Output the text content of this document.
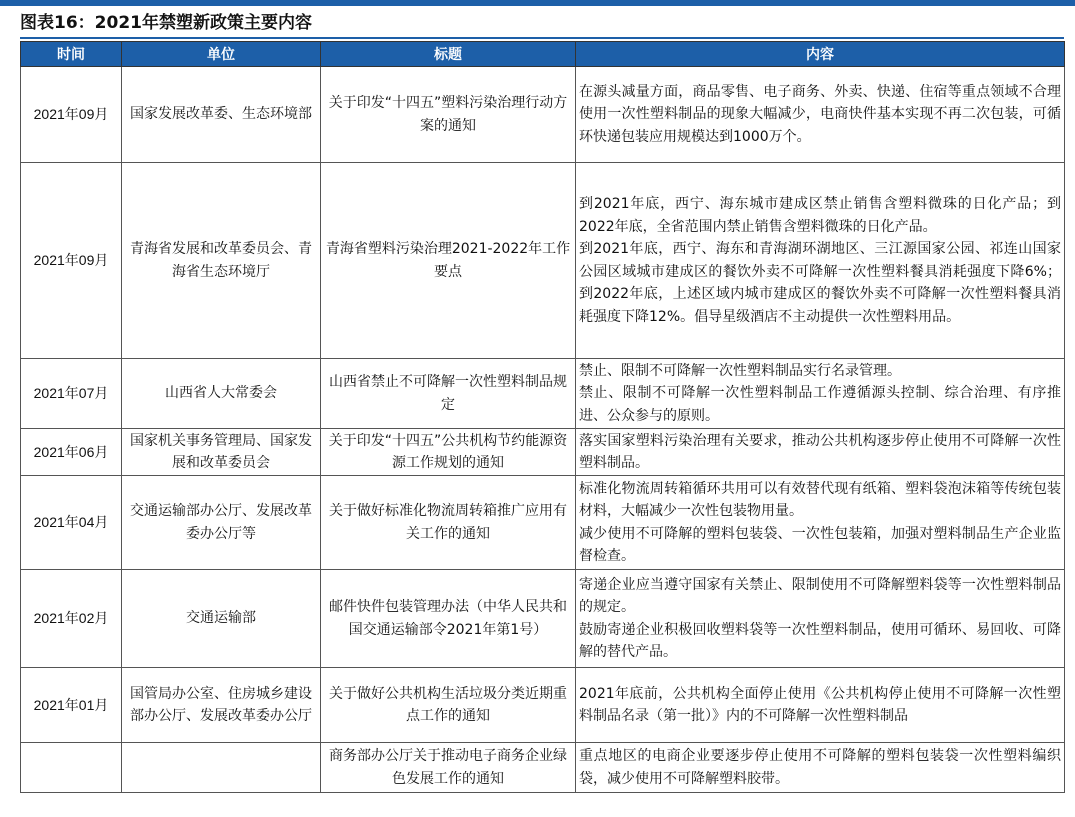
图表16：2021年禁塑新政策主要内容
时间	单位	标题	内容
2021年09月	国家发展改革委、生态环境部	关于印发“十四五”塑料污染治理行动方案的通知	在源头减量方面，商品零售、电子商务、外卖、快递、住宿等重点领域不合理使用一次性塑料制品的现象大幅减少，电商快件基本实现不再二次包装，可循环快递包装应用规模达到1000万个。

2021年09月	青海省发展和改革委员会、青海省生态环境厅	青海省塑料污染治理2021-2022年工作要点	到2021年底，西宁、海东城市建成区禁止销售含塑料微珠的日化产品；到2022年底，全省范围内禁止销售含塑料微珠的日化产品。
到2021年底，西宁、海东和青海湖环湖地区、三江源国家公园、祁连山国家公园区域城市建成区的餐饮外卖不可降解一次性塑料餐具消耗强度下降6%；到2022年底，上述区域内城市建成区的餐饮外卖不可降解一次性塑料餐具消耗强度下降12%。倡导星级酒店不主动提供一次性塑料用品。

2021年07月	山西省人大常委会	山西省禁止不可降解一次性塑料制品规定	禁止、限制不可降解一次性塑料制品实行名录管理。
禁止、限制不可降解一次性塑料制品工作遵循源头控制、综合治理、有序推进、公众参与的原则。

2021年06月	国家机关事务管理局、国家发展和改革委员会	关于印发“十四五”公共机构节约能源资源工作规划的通知	落实国家塑料污染治理有关要求，推动公共机构逐步停止使用不可降解一次性塑料制品。

2021年04月	交通运输部办公厅、发展改革委办公厅等	关于做好标准化物流周转箱推广应用有关工作的通知	标准化物流周转箱循环共用可以有效替代现有纸箱、塑料袋泡沫箱等传统包装材料，大幅减少一次性包装物用量。
减少使用不可降解的塑料包装袋、一次性包装箱，加强对塑料制品生产企业监督检查。

2021年02月	交通运输部	邮件快件包装管理办法（中华人民共和国交通运输部令2021年第1号）	寄递企业应当遵守国家有关禁止、限制使用不可降解塑料袋等一次性塑料制品的规定。
鼓励寄递企业积极回收塑料袋等一次性塑料制品，使用可循环、易回收、可降解的替代产品。

2021年01月	国管局办公室、住房城乡建设部办公厅、发展改革委办公厅	关于做好公共机构生活垃圾分类近期重点工作的通知	2021年底前，公共机构全面停止使用《公共机构停止使用不可降解一次性塑料制品名录（第一批）》内的不可降解一次性塑料制品

		商务部办公厅关于推动电子商务企业绿色发展工作的通知	重点地区的电商企业要逐步停止使用不可降解的塑料包装袋一次性塑料编织袋，减少使用不可降解塑料胶带。
